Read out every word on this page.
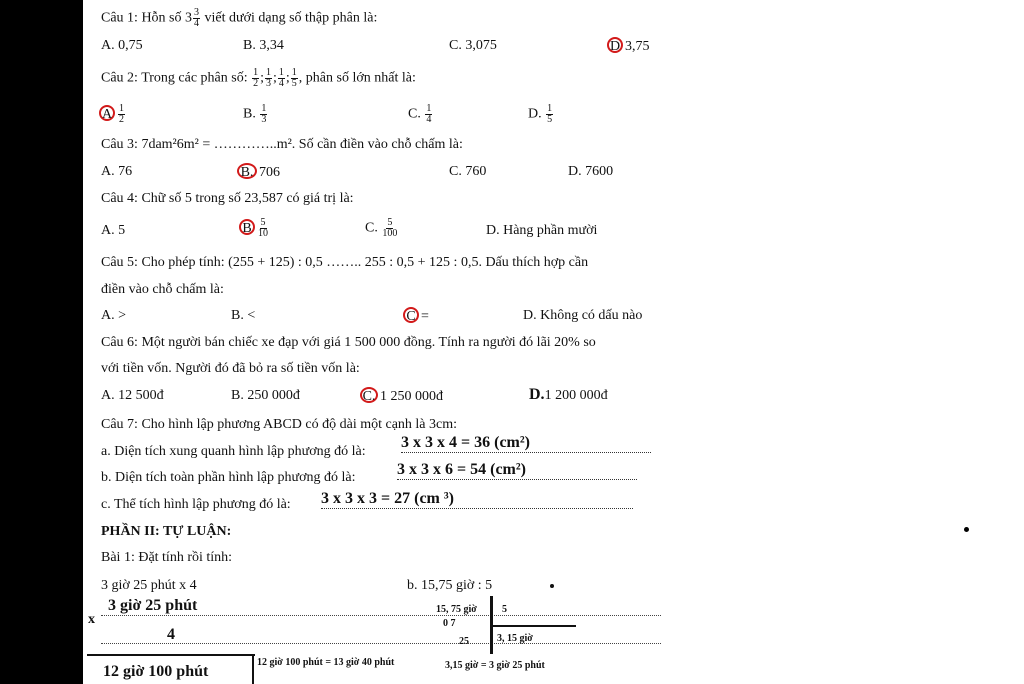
Câu 1: Hỗn số $3 \frac{3}{4}$ viết dưới dạng số thập phân là:
A. 0,75	B. 3,34	C. 3,075	D 3,75
Câu 2: Trong các phân số: $\frac{1}{2}$ ; $\frac{1}{3}$ ; $\frac{1}{4}$ ; $\frac{1}{5}$ , phân số lớn nhất là:
A $\frac{1}{2}$	B. $\frac{1}{3}$	C. $\frac{1}{4}$	D. $\frac{1}{5}$
Câu 3: 7dam²6m² = …………..m². Số cần điền vào chỗ chấm là:
A. 76	B. 706	C. 760	D. 7600
Câu 4: Chữ số 5 trong số 23,587 có giá trị là:
A. 5	B $\frac{5}{10}$	C. $\frac{5}{100}$	D. Hàng phần mười
Câu 5: Cho phép tính: (255 + 125) : 0,5 …….. 255 : 0,5 + 125 : 0,5. Dấu thích hợp cần
điền vào chỗ chấm là:
A. >	B. <	C =	D. Không có dấu nào
Câu 6: Một người bán chiếc xe đạp với giá 1 500 000 đồng. Tính ra người đó lãi 20% so
với tiền vốn. Người đó đã bỏ ra số tiền vốn là:
A. 12 500đ	B. 250 000đ	C. 1 250 000đ	D.1 200 000đ
Câu 7: Cho hình lập phương ABCD có độ dài một cạnh là 3cm:
a. Diện tích xung quanh hình lập phương đó là:
3 x 3 x 4 = 36 (cm²)
b. Diện tích toàn phần hình lập phương đó là:	3 x 3 x 6 = 54 (cm²)
c. Thể tích hình lập phương đó là: 3 x 3 x 3 = 27 (cm ³)
PHẦN II: TỰ LUẬN:
Bài 1: Đặt tính rồi tính:
3 giờ 25 phút x 4	b. 15,75 giờ : 5
3 giờ 25 phút
x
4
12 giờ 100 phút
12 giờ 100 phút = 13 giờ 40 phút
15, 75 giờ	5
0 7
25	3, 15 giờ
3,15 giờ = 3 giờ 25 phút
